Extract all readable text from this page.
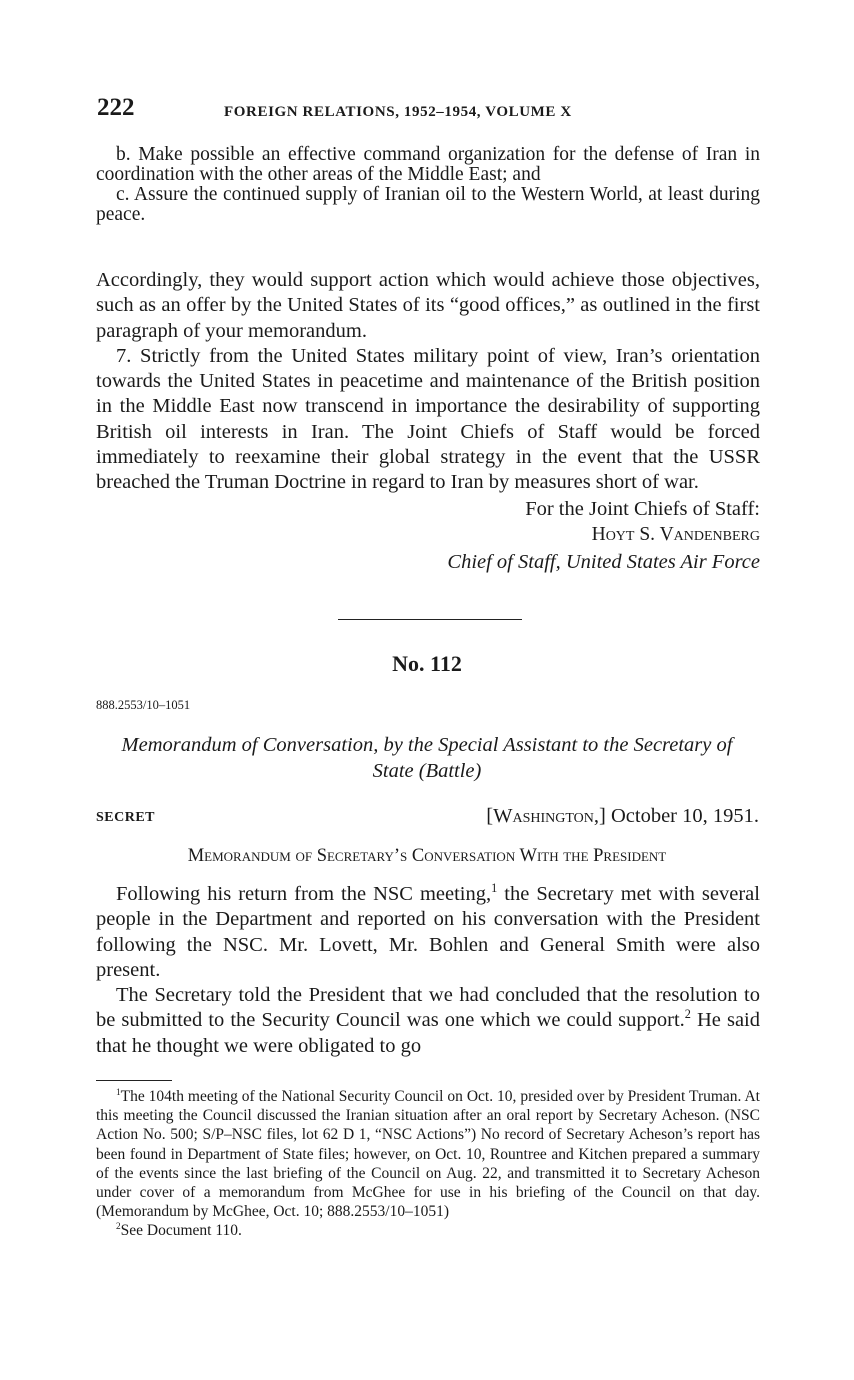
222	FOREIGN RELATIONS, 1952–1954, VOLUME X

b. Make possible an effective command organization for the defense of Iran in coordination with the other areas of the Middle East; and

c. Assure the continued supply of Iranian oil to the Western World, at least during peace.

Accordingly, they would support action which would achieve those objectives, such as an offer by the United States of its “good offices,” as outlined in the first paragraph of your memorandum.

7. Strictly from the United States military point of view, Iran’s orientation towards the United States in peacetime and maintenance of the British position in the Middle East now transcend in importance the desirability of supporting British oil interests in Iran. The Joint Chiefs of Staff would be forced immediately to reexamine their global strategy in the event that the USSR breached the Truman Doctrine in regard to Iran by measures short of war.

For the Joint Chiefs of Staff:

Hoyt S. Vandenberg

Chief of Staff, United States Air Force

No. 112
888.2553/10–1051

Memorandum of Conversation, by the Special Assistant to the Secretary of State (Battle)

SECRET	[Washington,] October 10, 1951.
Memorandum of Secretary’s Conversation With the President

Following his return from the NSC meeting,$^1$ the Secretary met with several people in the Department and reported on his conversation with the President following the NSC. Mr. Lovett, Mr. Bohlen and General Smith were also present.

The Secretary told the President that we had concluded that the resolution to be submitted to the Security Council was one which we could support.$^2$ He said that he thought we were obligated to go

$^1$The 104th meeting of the National Security Council on Oct. 10, presided over by President Truman. At this meeting the Council discussed the Iranian situation after an oral report by Secretary Acheson. (NSC Action No. 500; S/P–NSC files, lot 62 D 1, “NSC Actions”) No record of Secretary Acheson’s report has been found in Department of State files; however, on Oct. 10, Rountree and Kitchen prepared a summary of the events since the last briefing of the Council on Aug. 22, and transmitted it to Secretary Acheson under cover of a memorandum from McGhee for use in his briefing of the Council on that day. (Memorandum by McGhee, Oct. 10; 888.2553/10–1051)

$^2$See Document 110.
